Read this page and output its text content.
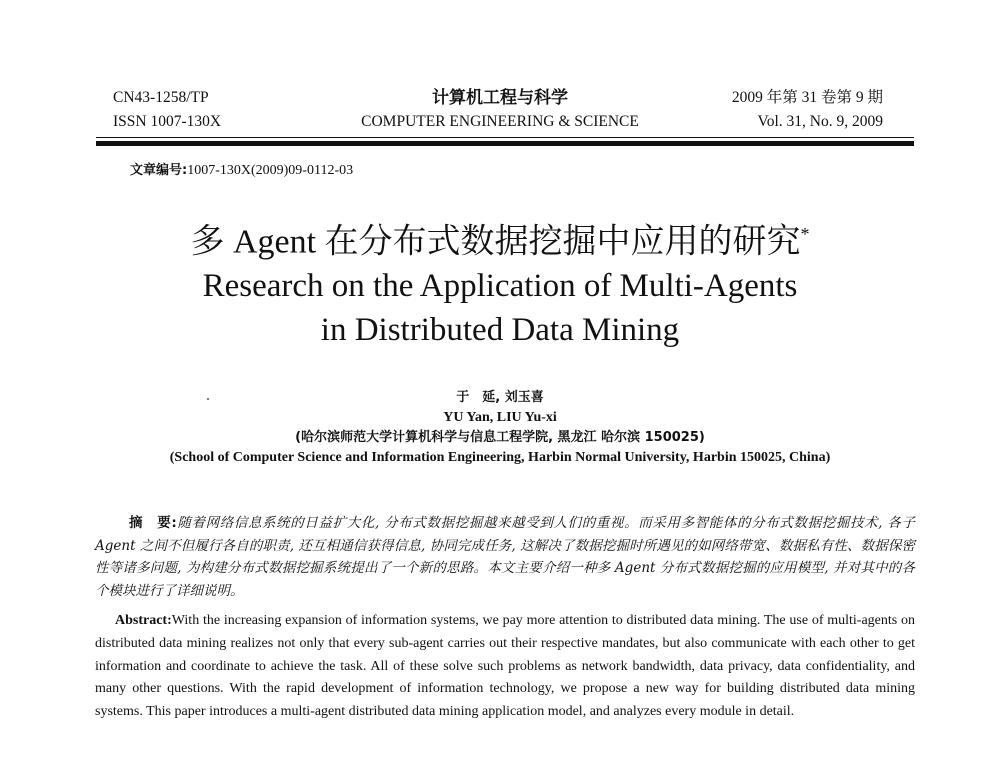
CN43-1258/TP
ISSN 1007-130X
计算机工程与科学
COMPUTER ENGINEERING & SCIENCE
2009 年第 31 卷第 9 期
Vol. 31, No. 9, 2009
文章编号:1007-130X(2009)09-0112-03
多 Agent 在分布式数据挖掘中应用的研究*
Research on the Application of Multi-Agents
in Distributed Data Mining
于　延, 刘玉喜
YU Yan, LIU Yu-xi
(哈尔滨师范大学计算机科学与信息工程学院, 黑龙江 哈尔滨 150025)
(School of Computer Science and Information Engineering, Harbin Normal University, Harbin 150025, China)
摘　要:随着网络信息系统的日益扩大化, 分布式数据挖掘越来越受到人们的重视。而采用多智能体的分布式数据挖掘技术, 各子 Agent 之间不但履行各自的职责, 还互相通信获得信息, 协同完成任务, 这解决了数据挖掘时所遇见的如网络带宽、数据私有性、数据保密性等诸多问题, 为构建分布式数据挖掘系统提出了一个新的思路。本文主要介绍一种多 Agent 分布式数据挖掘的应用模型, 并对其中的各个模块进行了详细说明。
Abstract:With the increasing expansion of information systems, we pay more attention to distributed data mining. The use of multi-agents on distributed data mining realizes not only that every sub-agent carries out their respective mandates, but also communicate with each other to get information and coordinate to achieve the task. All of these solve such problems as network bandwidth, data privacy, data confidentiality, and many other questions. With the rapid development of information technology, we propose a new way for building distributed data mining systems. This paper introduces a multi-agent distributed data mining application model, and analyzes every module in detail.
